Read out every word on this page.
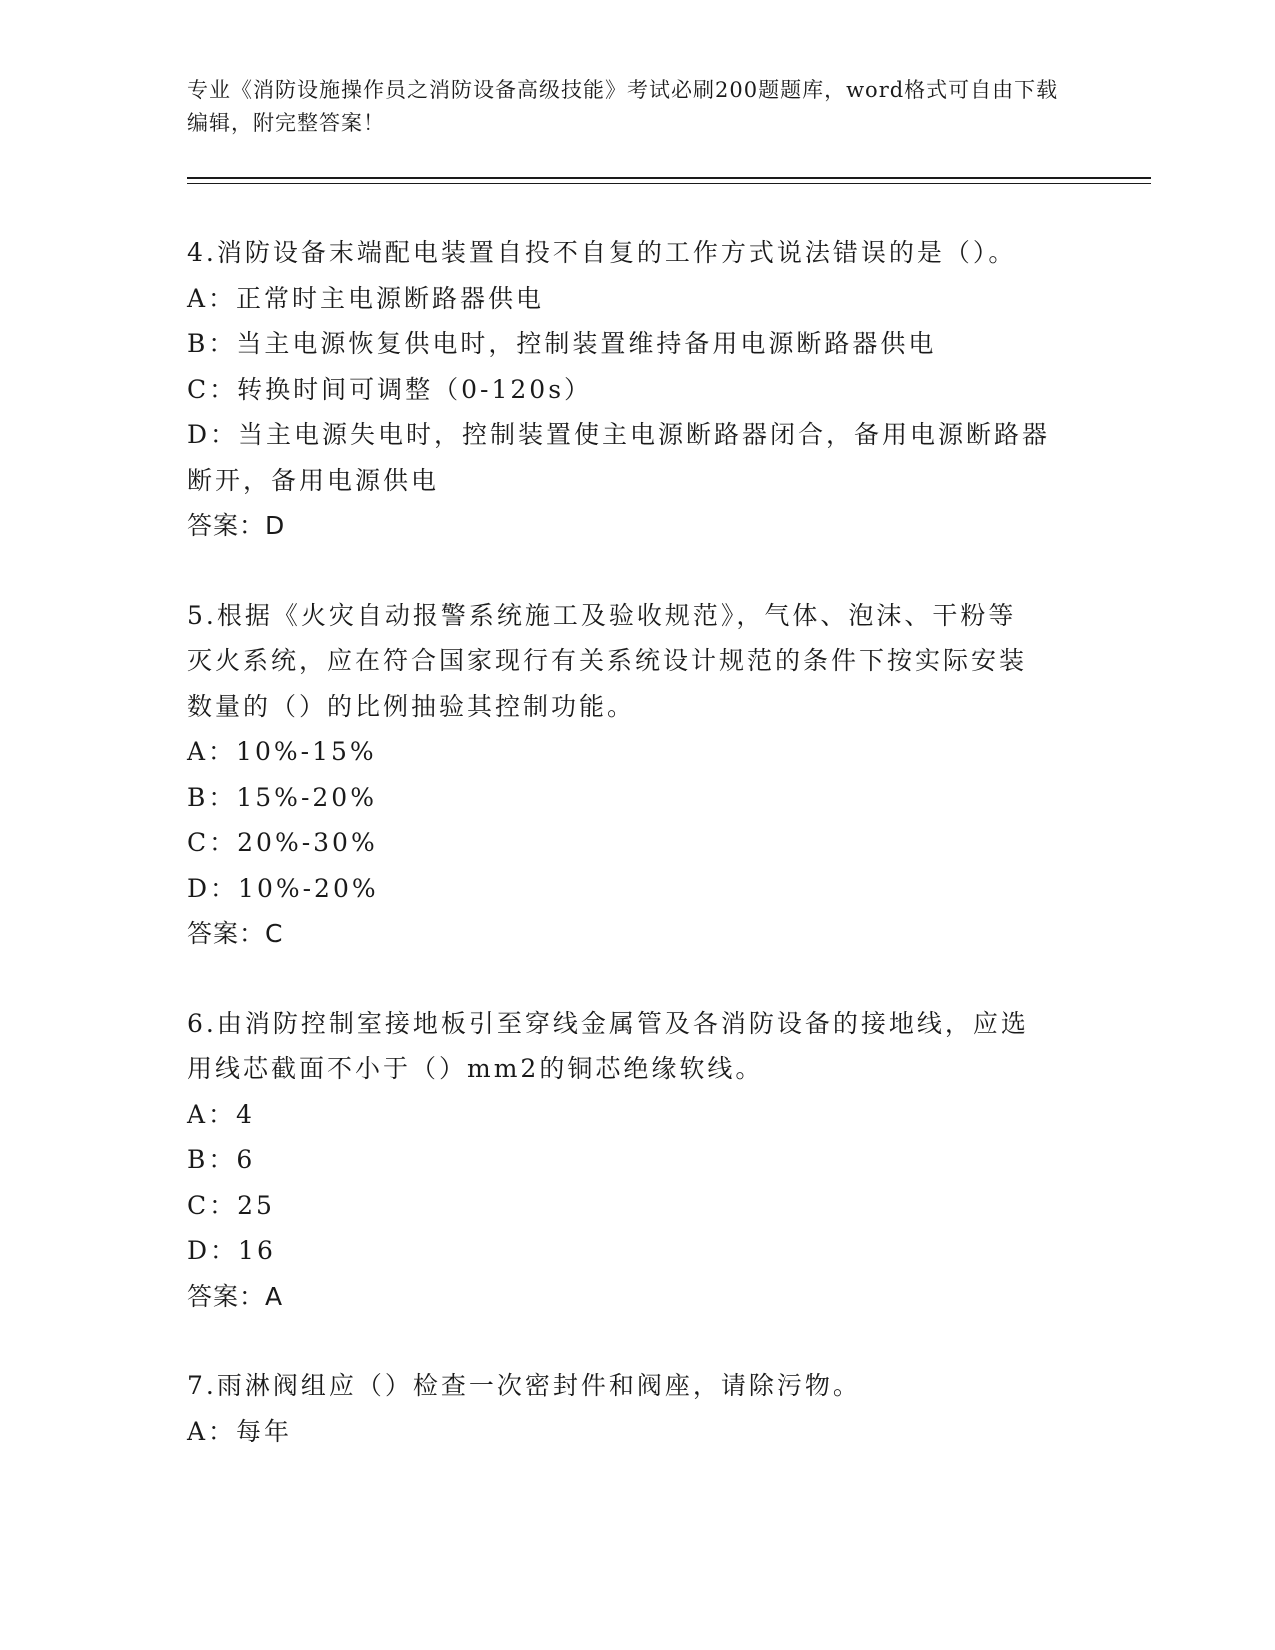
专业《消防设施操作员之消防设备高级技能》考试必刷200题题库，word格式可自由下载编辑，附完整答案！

4.消防设备末端配电装置自投不自复的工作方式说法错误的是（）。

A：正常时主电源断路器供电

B：当主电源恢复供电时，控制装置维持备用电源断路器供电

C：转换时间可调整（0-120s）

D：当主电源失电时，控制装置使主电源断路器闭合，备用电源断路器

断开，备用电源供电

答案：D

5.根据《火灾自动报警系统施工及验收规范》，气体、泡沫、干粉等

灭火系统，应在符合国家现行有关系统设计规范的条件下按实际安装

数量的（）的比例抽验其控制功能。

A：10%-15%

B：15%-20%

C：20%-30%

D：10%-20%

答案：C

6.由消防控制室接地板引至穿线金属管及各消防设备的接地线，应选

用线芯截面不小于（）mm2的铜芯绝缘软线。

A：4

B：6

C：25

D：16

答案：A

7.雨淋阀组应（）检查一次密封件和阀座，请除污物。

A：每年
